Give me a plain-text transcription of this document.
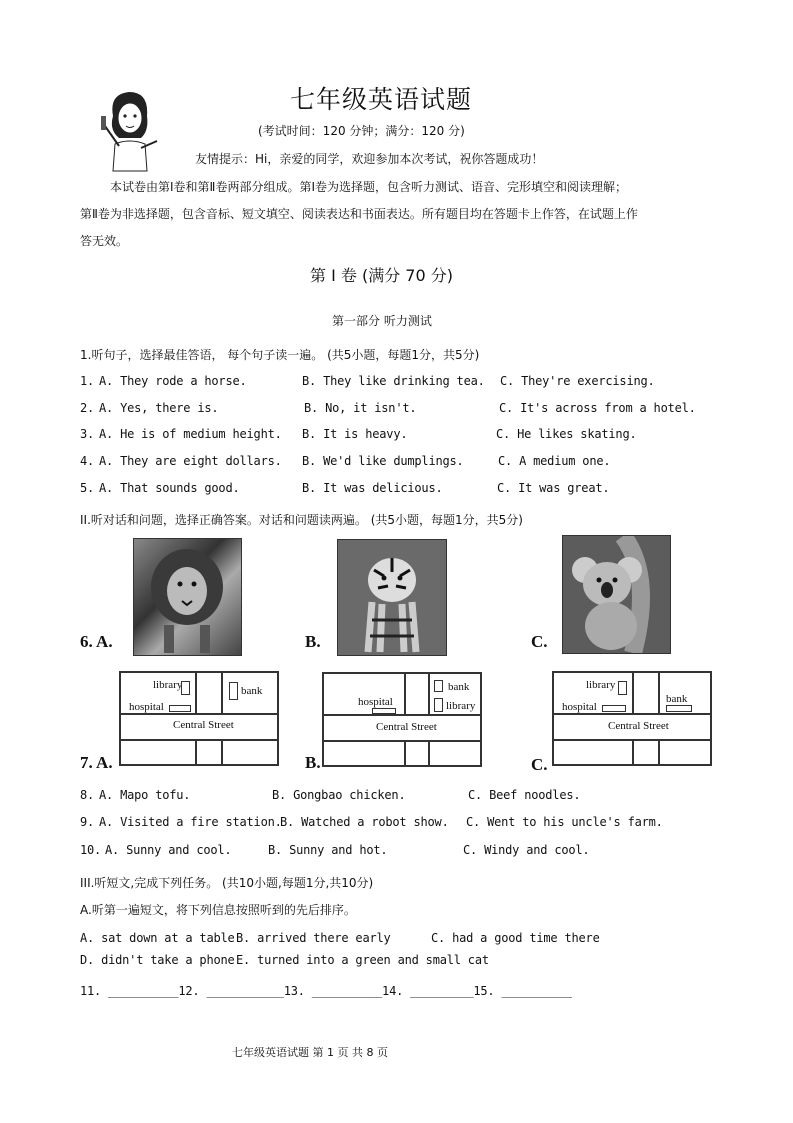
七年级英语试题
(考试时间：120 分钟；满分：120 分)
友情提示：Hi，亲爱的同学，欢迎参加本次考试，祝你答题成功！
本试卷由第Ⅰ卷和第Ⅱ卷两部分组成。第Ⅰ卷为选择题，包含听力测试、语音、完形填空和阅读理解；
第Ⅱ卷为非选择题，包含音标、短文填空、阅读表达和书面表达。所有题目均在答题卡上作答，在试题上作
答无效。
第 Ⅰ 卷 (满分 70 分)
第一部分 听力测试
1.听句子，选择最佳答语， 每个句子读一遍。 (共5小题，每题1分，共5分)
1. A. They rode a horse.	B. They like drinking tea. C. They're exercising.
2. A. Yes, there is.	B. No, it isn't.	C. It's across from a hotel.
3. A. He is of medium height. B. It is heavy.	C. He likes skating.
4. A. They are eight dollars. B. We'd like dumplings.	C. A medium one.
5. A. That sounds good.	B. It was delicious.	C. It was great.
II.听对话和问题，选择正确答案。对话和问题读两遍。 (共5小题，每题1分，共5分)
6. A.	B.	C.
Central Street
library
hospital
bank
Central Street
hospital
bank
library
Central Street
library
hospital
bank
7. A.	B.	C.
8. A. Mapo tofu.	B. Gongbao chicken.	C. Beef noodles.
9. A. Visited a fire station.
B. Watched a robot show. C. Went to his uncle's farm.
10. A. Sunny and cool.	B. Sunny and hot.	C. Windy and cool.
III.听短文,完成下列任务。 (共10小题,每题1分,共10分)
A.听第一遍短文，将下列信息按照听到的先后排序。
A. sat down at a table B. arrived there early	C. had a good time there
D. didn't take a phone E. turned into a green and small cat
11. __________12. ___________13. __________14. _________15. __________
七年级英语试题 第 1 页 共 8 页
